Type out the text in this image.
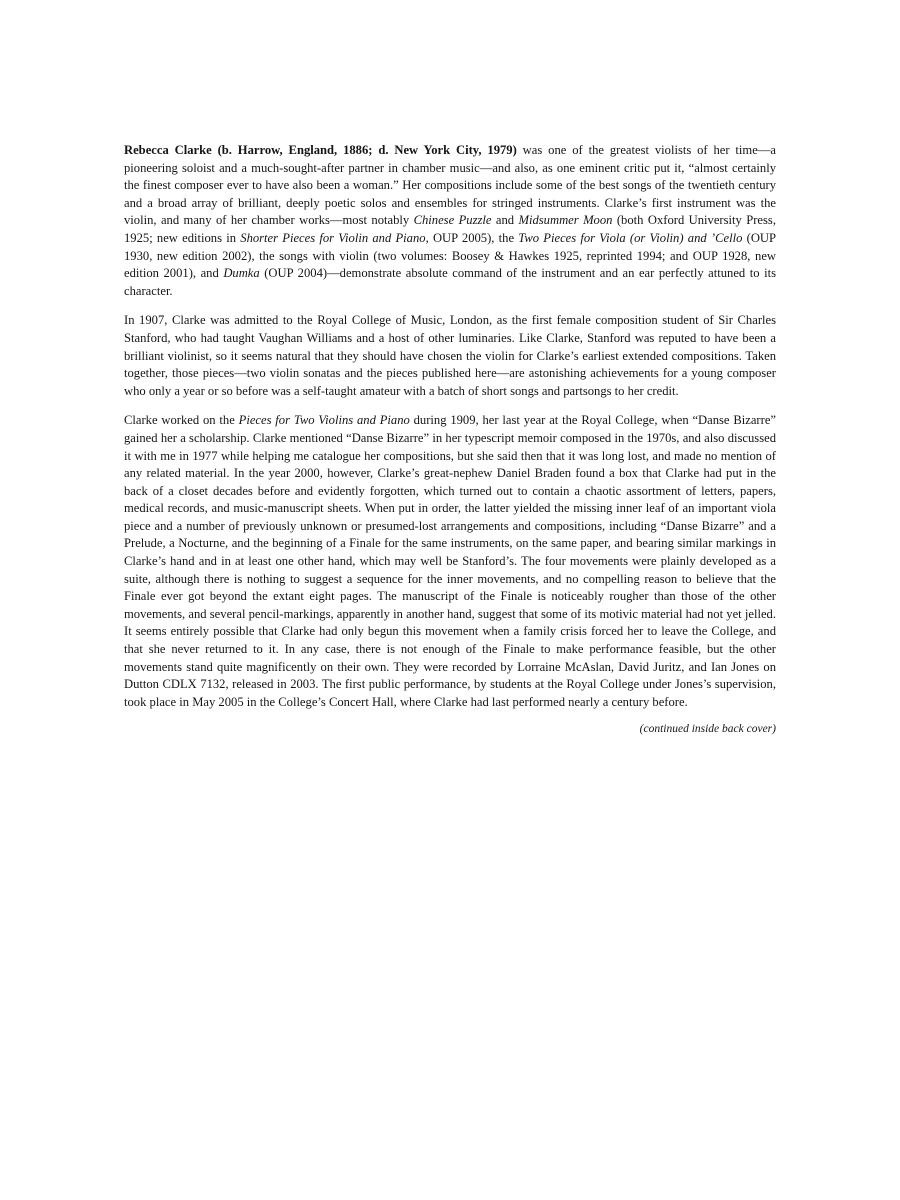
Rebecca Clarke (b. Harrow, England, 1886; d. New York City, 1979) was one of the greatest violists of her time—a pioneering soloist and a much-sought-after partner in chamber music—and also, as one eminent critic put it, “almost certainly the finest composer ever to have also been a woman.” Her compositions include some of the best songs of the twentieth century and a broad array of brilliant, deeply poetic solos and ensembles for stringed instruments. Clarke’s first instrument was the violin, and many of her chamber works—most notably Chinese Puzzle and Midsummer Moon (both Oxford University Press, 1925; new editions in Shorter Pieces for Violin and Piano, OUP 2005), the Two Pieces for Viola (or Violin) and ’Cello (OUP 1930, new edition 2002), the songs with violin (two volumes: Boosey & Hawkes 1925, reprinted 1994; and OUP 1928, new edition 2001), and Dumka (OUP 2004)—demonstrate absolute command of the instrument and an ear perfectly attuned to its character.

In 1907, Clarke was admitted to the Royal College of Music, London, as the first female composition student of Sir Charles Stanford, who had taught Vaughan Williams and a host of other luminaries. Like Clarke, Stanford was reputed to have been a brilliant violinist, so it seems natural that they should have chosen the violin for Clarke’s earliest extended compositions. Taken together, those pieces—two violin sonatas and the pieces published here—are astonishing achievements for a young composer who only a year or so before was a self-taught amateur with a batch of short songs and partsongs to her credit.

Clarke worked on the Pieces for Two Violins and Piano during 1909, her last year at the Royal College, when “Danse Bizarre” gained her a scholarship. Clarke mentioned “Danse Bizarre” in her typescript memoir composed in the 1970s, and also discussed it with me in 1977 while helping me catalogue her compositions, but she said then that it was long lost, and made no mention of any related material. In the year 2000, however, Clarke’s great-nephew Daniel Braden found a box that Clarke had put in the back of a closet decades before and evidently forgotten, which turned out to contain a chaotic assortment of letters, papers, medical records, and music-manuscript sheets. When put in order, the latter yielded the missing inner leaf of an important viola piece and a number of previously unknown or presumed-lost arrangements and compositions, including “Danse Bizarre” and a Prelude, a Nocturne, and the beginning of a Finale for the same instruments, on the same paper, and bearing similar markings in Clarke’s hand and in at least one other hand, which may well be Stanford’s. The four movements were plainly developed as a suite, although there is nothing to suggest a sequence for the inner movements, and no compelling reason to believe that the Finale ever got beyond the extant eight pages. The manuscript of the Finale is noticeably rougher than those of the other movements, and several pencil-markings, apparently in another hand, suggest that some of its motivic material had not yet jelled. It seems entirely possible that Clarke had only begun this movement when a family crisis forced her to leave the College, and that she never returned to it. In any case, there is not enough of the Finale to make performance feasible, but the other movements stand quite magnificently on their own. They were recorded by Lorraine McAslan, David Juritz, and Ian Jones on Dutton CDLX 7132, released in 2003. The first public performance, by students at the Royal College under Jones’s supervision, took place in May 2005 in the College’s Concert Hall, where Clarke had last performed nearly a century before.

(continued inside back cover)
